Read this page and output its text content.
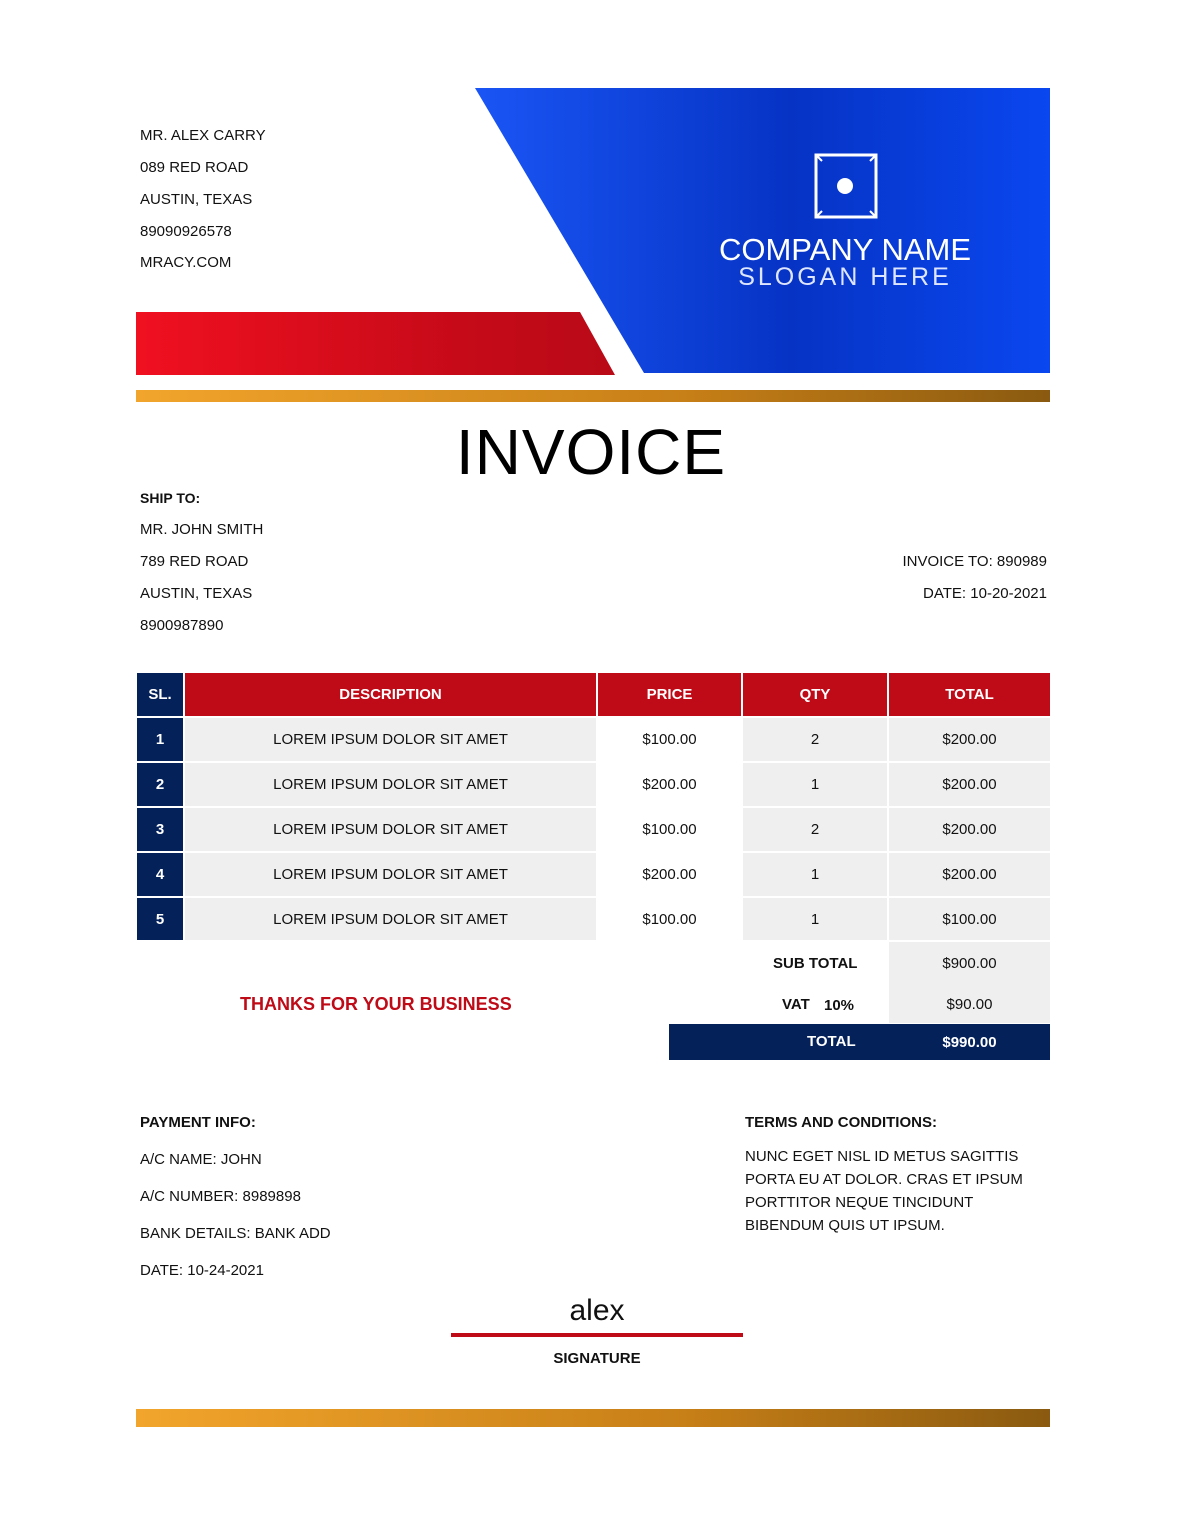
COMPANY NAME
SLOGAN HERE
MR. ALEX CARRY
089 RED ROAD
AUSTIN, TEXAS
89090926578
MRACY.COM
INVOICE
SHIP TO:
MR. JOHN SMITH
789 RED ROAD
AUSTIN, TEXAS
8900987890
INVOICE TO: 890989
DATE: 10-20-2021
SL.	DESCRIPTION	PRICE	QTY	TOTAL
1	LOREM IPSUM DOLOR SIT AMET	$100.00	2	$200.00
2	LOREM IPSUM DOLOR SIT AMET	$200.00	1	$200.00
3	LOREM IPSUM DOLOR SIT AMET	$100.00	2	$200.00
4	LOREM IPSUM DOLOR SIT AMET	$200.00	1	$200.00
5	LOREM IPSUM DOLOR SIT AMET	$100.00	1	$100.00
THANKS FOR YOUR BUSINESS
SUB TOTAL	$900.00
VAT 10%	$90.00
TOTAL	$990.00
PAYMENT INFO:
A/C NAME: JOHN
A/C NUMBER: 8989898
BANK DETAILS: BANK ADD
DATE: 10-24-2021
TERMS AND CONDITIONS:
NUNC EGET NISL ID METUS SAGITTIS PORTA EU AT DOLOR. CRAS ET IPSUM PORTTITOR NEQUE TINCIDUNT BIBENDUM QUIS UT IPSUM.
alex
SIGNATURE
